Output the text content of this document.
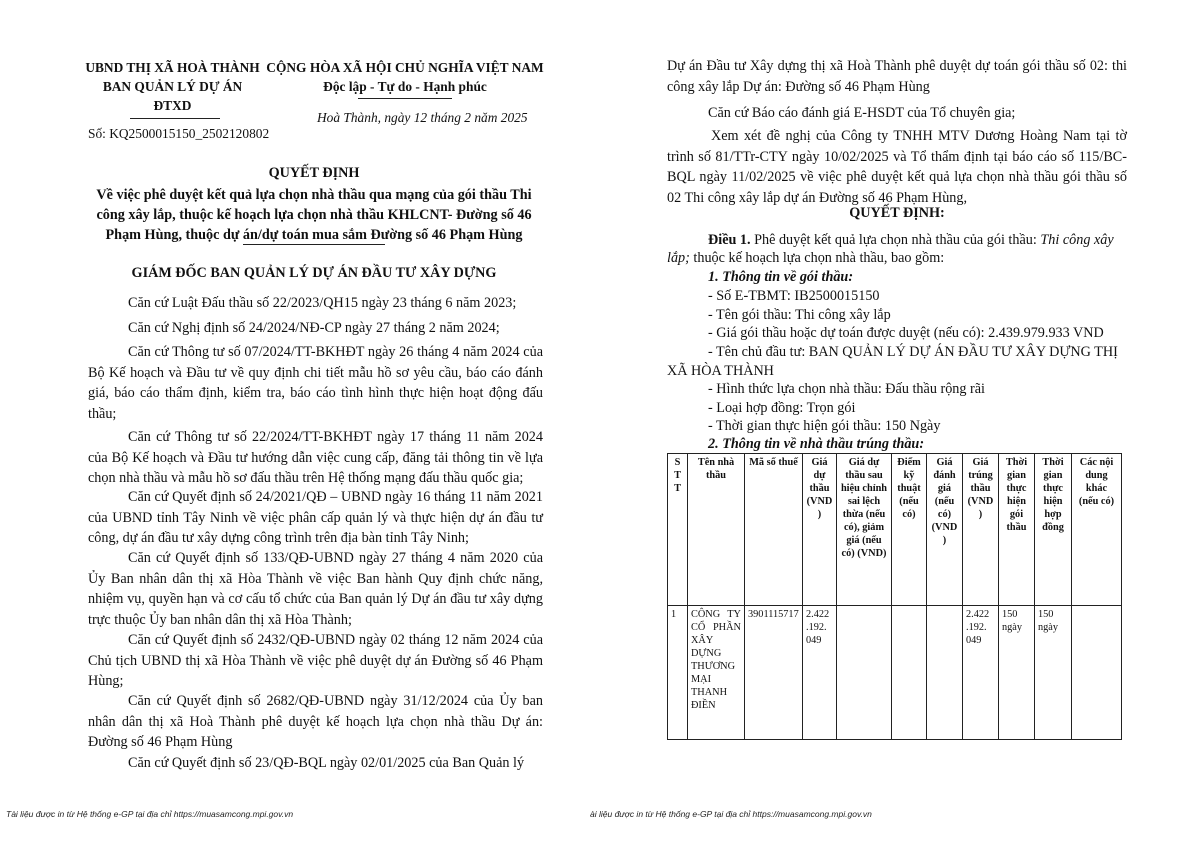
UBND THỊ XÃ HOÀ THÀNH
BAN QUẢN LÝ DỰ ÁN
ĐTXD
CỘNG HÒA XÃ HỘI CHỦ NGHĨA VIỆT NAM
Độc lập - Tự do - Hạnh phúc
Số: KQ2500015150_2502120802
Hoà Thành, ngày 12 tháng 2 năm 2025
QUYẾT ĐỊNH
Về việc phê duyệt kết quả lựa chọn nhà thầu qua mạng của gói thầu Thi
công xây lắp, thuộc kế hoạch lựa chọn nhà thầu KHLCNT- Đường số 46
Phạm Hùng, thuộc dự án/dự toán mua sắm Đường số 46 Phạm Hùng
GIÁM ĐỐC BAN QUẢN LÝ DỰ ÁN ĐẦU TƯ XÂY DỰNG
Căn cứ Luật Đấu thầu số 22/2023/QH15 ngày 23 tháng 6 năm 2023;
Căn cứ Nghị định số 24/2024/NĐ-CP ngày 27 tháng 2 năm 2024;
Căn cứ Thông tư số 07/2024/TT-BKHĐT ngày 26 tháng 4 năm 2024 của Bộ Kế hoạch và Đầu tư về quy định chi tiết mẫu hồ sơ yêu cầu, báo cáo đánh giá, báo cáo thẩm định, kiểm tra, báo cáo tình hình thực hiện hoạt động đấu thầu;
Căn cứ Thông tư số 22/2024/TT-BKHĐT ngày 17 tháng 11 năm 2024 của Bộ Kế hoạch và Đầu tư hướng dẫn việc cung cấp, đăng tải thông tin về lựa chọn nhà thầu và mẫu hồ sơ đấu thầu trên Hệ thống mạng đấu thầu quốc gia;
Căn cứ Quyết định số 24/2021/QĐ – UBND ngày 16 tháng 11 năm 2021 của UBND tỉnh Tây Ninh về việc phân cấp quản lý và thực hiện dự án đầu tư công, dự án đầu tư xây dựng công trình trên địa bàn tỉnh Tây Ninh;
Căn cứ Quyết định số 133/QĐ-UBND ngày 27 tháng 4 năm 2020 của Ủy Ban nhân dân thị xã Hòa Thành về việc Ban hành Quy định chức năng, nhiệm vụ, quyền hạn và cơ cấu tổ chức của Ban quản lý Dự án đầu tư xây dựng trực thuộc Ủy ban nhân dân thị xã Hòa Thành;
Căn cứ Quyết định số 2432/QĐ-UBND ngày 02 tháng 12 năm 2024 của Chủ tịch UBND thị xã Hòa Thành về việc phê duyệt dự án Đường số 46 Phạm Hùng;
Căn cứ Quyết định số 2682/QĐ-UBND ngày 31/12/2024 của Ủy ban nhân dân thị xã Hoà Thành phê duyệt kế hoạch lựa chọn nhà thầu Dự án: Đường số 46 Phạm Hùng
Căn cứ Quyết định số 23/QĐ-BQL ngày 02/01/2025 của Ban Quản lý
Dự án Đầu tư Xây dựng thị xã Hoà Thành phê duyệt dự toán gói thầu số 02: thi công xây lắp Dự án: Đường số 46 Phạm Hùng
Căn cứ Báo cáo đánh giá E-HSDT của Tổ chuyên gia;
Xem xét đề nghị của Công ty TNHH MTV Dương Hoàng Nam tại tờ trình số 81/TTr-CTY ngày 10/02/2025 và Tổ thẩm định tại báo cáo số 115/BC-BQL ngày 11/02/2025 về việc phê duyệt kết quả lựa chọn nhà thầu gói thầu số 02 Thi công xây lắp dự án Đường số 46 Phạm Hùng,
QUYẾT ĐỊNH:
Điều 1. Phê duyệt kết quả lựa chọn nhà thầu của gói thầu: Thi công xây
lắp; thuộc kế hoạch lựa chọn nhà thầu, bao gồm:
1. Thông tin về gói thầu:
- Số E-TBMT: IB2500015150
- Tên gói thầu: Thi công xây lắp
- Giá gói thầu hoặc dự toán được duyệt (nếu có): 2.439.979.933 VND
- Tên chủ đầu tư: BAN QUẢN LÝ DỰ ÁN ĐẦU TƯ XÂY DỰNG THỊ
XÃ HÒA THÀNH
- Hình thức lựa chọn nhà thầu: Đấu thầu rộng rãi
- Loại hợp đồng: Trọn gói
- Thời gian thực hiện gói thầu: 150 Ngày
2. Thông tin về nhà thầu trúng thầu:
S T T	Tên nhà thầu	Mã số thuế	Giá dự thầu (VND )	Giá dự thầu sau hiệu chỉnh sai lệch thừa (nếu có), giảm giá (nếu có) (VND)	Điểm kỹ thuật (nếu có)	Giá đánh giá (nếu có) (VND )	Giá trúng thầu (VND )	Thời gian thực hiện gói thầu	Thời gian thực hiện hợp đồng	Các nội dung khác (nếu có)
1	CÔNG TY CỔ PHẦN XÂY DỰNG THƯƠNG MẠI THANH ĐIỀN	3901115717	2.422 .192. 049				2.422 .192. 049	150 ngày	150 ngày	
Tài liệu được in từ Hệ thống e-GP tại địa chỉ https://muasamcong.mpi.gov.vn	ài liệu được in từ Hệ thống e-GP tại địa chỉ https://muasamcong.mpi.gov.vn
